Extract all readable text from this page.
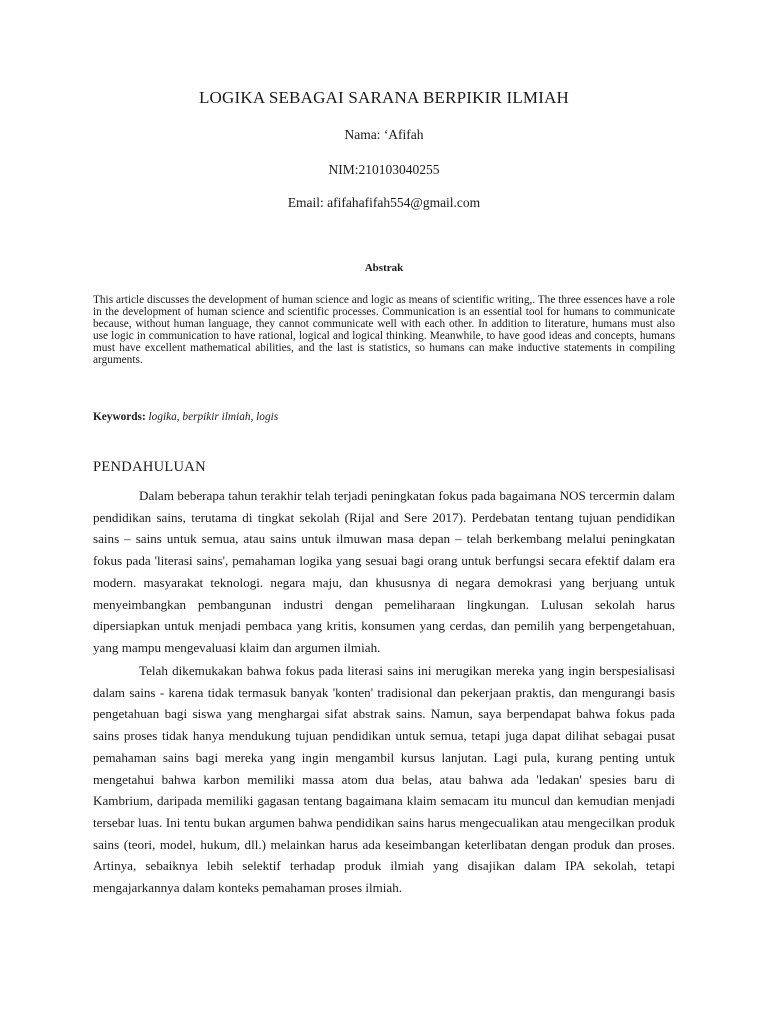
LOGIKA SEBAGAI SARANA BERPIKIR ILMIAH

Nama: ‘Afifah

NIM:210103040255

Email: afifahafifah554@gmail.com

Abstrak

This article discusses the development of human science and logic as means of scientific writing,. The three essences have a role in the development of human science and scientific processes. Communication is an essential tool for humans to communicate because, without human language, they cannot communicate well with each other. In addition to literature, humans must also use logic in communication to have rational, logical and logical thinking. Meanwhile, to have good ideas and concepts, humans must have excellent mathematical abilities, and the last is statistics, so humans can make inductive statements in compiling arguments.

Keywords: logika, berpikir ilmiah, logis

PENDAHULUAN

Dalam beberapa tahun terakhir telah terjadi peningkatan fokus pada bagaimana NOS tercermin dalam pendidikan sains, terutama di tingkat sekolah (Rijal and Sere 2017). Perdebatan tentang tujuan pendidikan sains – sains untuk semua, atau sains untuk ilmuwan masa depan – telah berkembang melalui peningkatan fokus pada 'literasi sains', pemahaman logika yang sesuai bagi orang untuk berfungsi secara efektif dalam era modern. masyarakat teknologi. negara maju, dan khususnya di negara demokrasi yang berjuang untuk menyeimbangkan pembangunan industri dengan pemeliharaan lingkungan. Lulusan sekolah harus dipersiapkan untuk menjadi pembaca yang kritis, konsumen yang cerdas, dan pemilih yang berpengetahuan, yang mampu mengevaluasi klaim dan argumen ilmiah.

Telah dikemukakan bahwa fokus pada literasi sains ini merugikan mereka yang ingin berspesialisasi dalam sains - karena tidak termasuk banyak 'konten' tradisional dan pekerjaan praktis, dan mengurangi basis pengetahuan bagi siswa yang menghargai sifat abstrak sains. Namun, saya berpendapat bahwa fokus pada sains proses tidak hanya mendukung tujuan pendidikan untuk semua, tetapi juga dapat dilihat sebagai pusat pemahaman sains bagi mereka yang ingin mengambil kursus lanjutan. Lagi pula, kurang penting untuk mengetahui bahwa karbon memiliki massa atom dua belas, atau bahwa ada 'ledakan' spesies baru di Kambrium, daripada memiliki gagasan tentang bagaimana klaim semacam itu muncul dan kemudian menjadi tersebar luas. Ini tentu bukan argumen bahwa pendidikan sains harus mengecualikan atau mengecilkan produk sains (teori, model, hukum, dll.) melainkan harus ada keseimbangan keterlibatan dengan produk dan proses. Artinya, sebaiknya lebih selektif terhadap produk ilmiah yang disajikan dalam IPA sekolah, tetapi mengajarkannya dalam konteks pemahaman proses ilmiah.
